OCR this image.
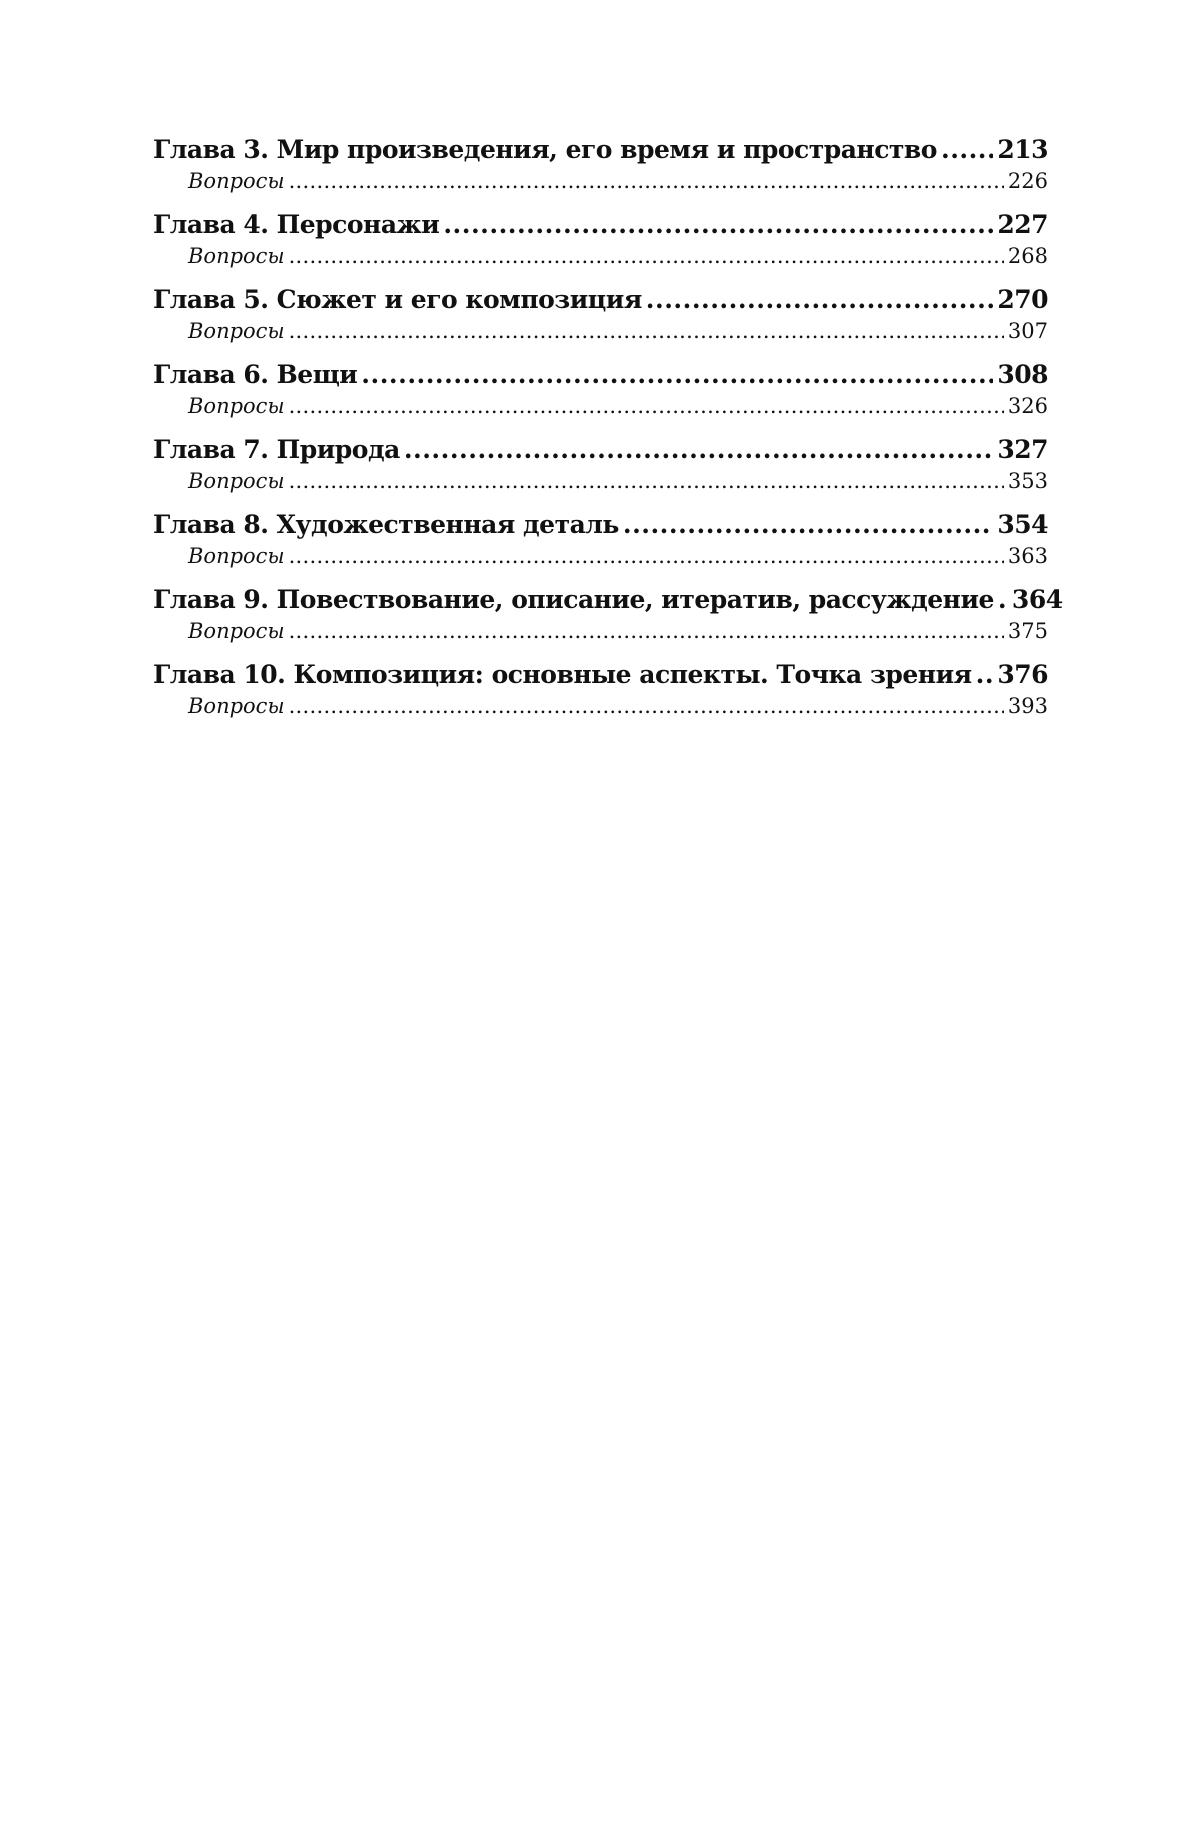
Глава 3. Мир произведения, его время и пространство ..... 213
Вопросы .....	226
Глава 4. Персонажи .....	227
Вопросы .....	268
Глава 5. Сюжет и его композиция .....	270
Вопросы .....	307
Глава 6. Вещи .....	308
Вопросы .....	326
Глава 7. Природа .....	327
Вопросы .....	353
Глава 8. Художественная деталь .....	354
Вопросы .....	363
Глава 9. Повествование, описание, итератив, рассуждение ..... 364
Вопросы .....	375
Глава 10. Композиция: основные аспекты. Точка зрения ..... 376
Вопросы .....	393
